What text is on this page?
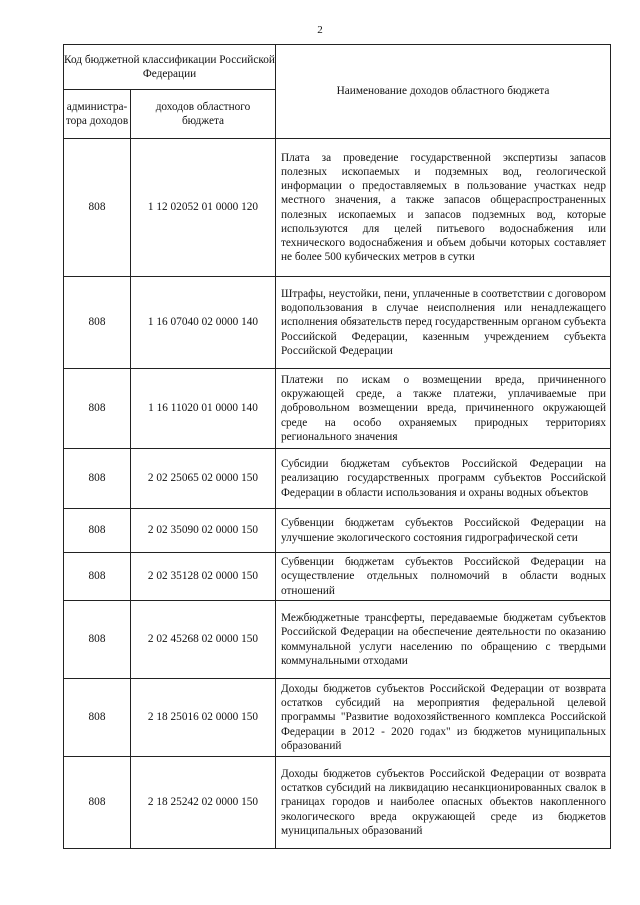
2
Код бюджетной классификации Российской Федерации		Наименование доходов областного бюджета
администра-тора доходов	доходов областного бюджета	
808	1 12 02052 01 0000 120	Плата за проведение государственной экспертизы запасов полезных ископаемых и подземных вод, геологической информации о предоставляемых в пользование участках недр местного значения, а также запасов общераспространенных полезных ископаемых и запасов подземных вод, которые используются для целей питьевого водоснабжения или технического водоснабжения и объем добычи которых составляет не более 500 кубических метров в сутки

808	1 16 07040 02 0000 140	Штрафы, неустойки, пени, уплаченные в соответствии с договором водопользования в случае неисполнения или ненадлежащего исполнения обязательств перед государственным органом субъекта Российской Федерации, казенным учреждением субъекта Российской Федерации

808	1 16 11020 01 0000 140	Платежи по искам о возмещении вреда, причиненного окружающей среде, а также платежи, уплачиваемые при добровольном возмещении вреда, причиненного окружающей среде на особо охраняемых природных территориях регионального значения

808	2 02 25065 02 0000 150	Субсидии бюджетам субъектов Российской Федерации на реализацию государственных программ субъектов Российской Федерации в области использования и охраны водных объектов

808	2 02 35090 02 0000 150	Субвенции бюджетам субъектов Российской Федерации на улучшение экологического состояния гидрографической сети

808	2 02 35128 02 0000 150	Субвенции бюджетам субъектов Российской Федерации на осуществление отдельных полномочий в области водных отношений

808	2 02 45268 02 0000 150	Межбюджетные трансферты, передаваемые бюджетам субъектов Российской Федерации на обеспечение деятельности по оказанию коммунальной услуги населению по обращению с твердыми коммунальными отходами

808	2 18 25016 02 0000 150	Доходы бюджетов субъектов Российской Федерации от возврата остатков субсидий на мероприятия федеральной целевой программы "Развитие водохозяйственного комплекса Российской Федерации в 2012 - 2020 годах" из бюджетов муниципальных образований

808	2 18 25242 02 0000 150	Доходы бюджетов субъектов Российской Федерации от возврата остатков субсидий на ликвидацию несанкционированных свалок в границах городов и наиболее опасных объектов накопленного экологического вреда окружающей среде из бюджетов муниципальных образований
